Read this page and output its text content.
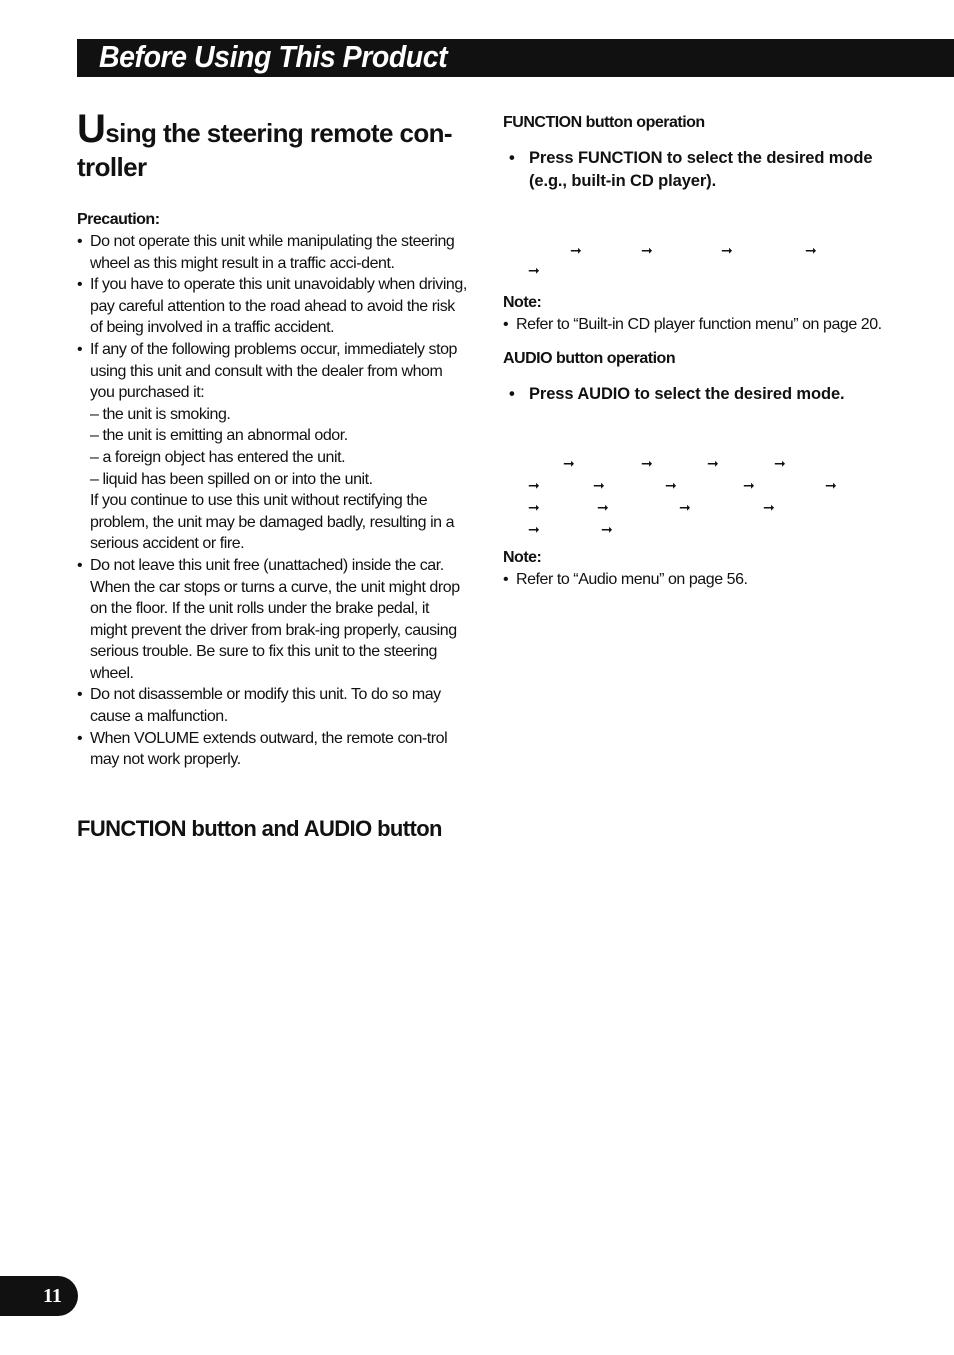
Before Using This Product
Using the steering remote con-troller
Precaution:
• Do not operate this unit while manipulating the steering wheel as this might result in a traffic acci-dent.
• If you have to operate this unit unavoidably when driving, pay careful attention to the road ahead to avoid the risk of being involved in a traffic accident.
• If any of the following problems occur, immediately stop using this unit and consult with the dealer from whom you purchased it:
– the unit is smoking.
– the unit is emitting an abnormal odor.
– a foreign object has entered the unit.
– liquid has been spilled on or into the unit.
If you continue to use this unit without rectifying the problem, the unit may be damaged badly, resulting in a serious accident or fire.
• Do not leave this unit free (unattached) inside the car. When the car stops or turns a curve, the unit might drop on the floor. If the unit rolls under the brake pedal, it might prevent the driver from brak-ing properly, causing serious trouble. Be sure to fix this unit to the steering wheel.
• Do not disassemble or modify this unit. To do so may cause a malfunction.
• When VOLUME extends outward, the remote con-trol may not work properly.
FUNCTION button and AUDIO button
FUNCTION button operation
• Press FUNCTION to select the desired mode (e.g., built-in CD player).
➞	➞	➞	➞
➞
Note:
• Refer to “Built-in CD player function menu” on page 20.
AUDIO button operation
• Press AUDIO to select the desired mode.
➞	➞	➞	➞
➞	➞	➞	➞	➞
➞	➞	➞	➞
➞	➞
Note:
• Refer to “Audio menu” on page 56.
11
